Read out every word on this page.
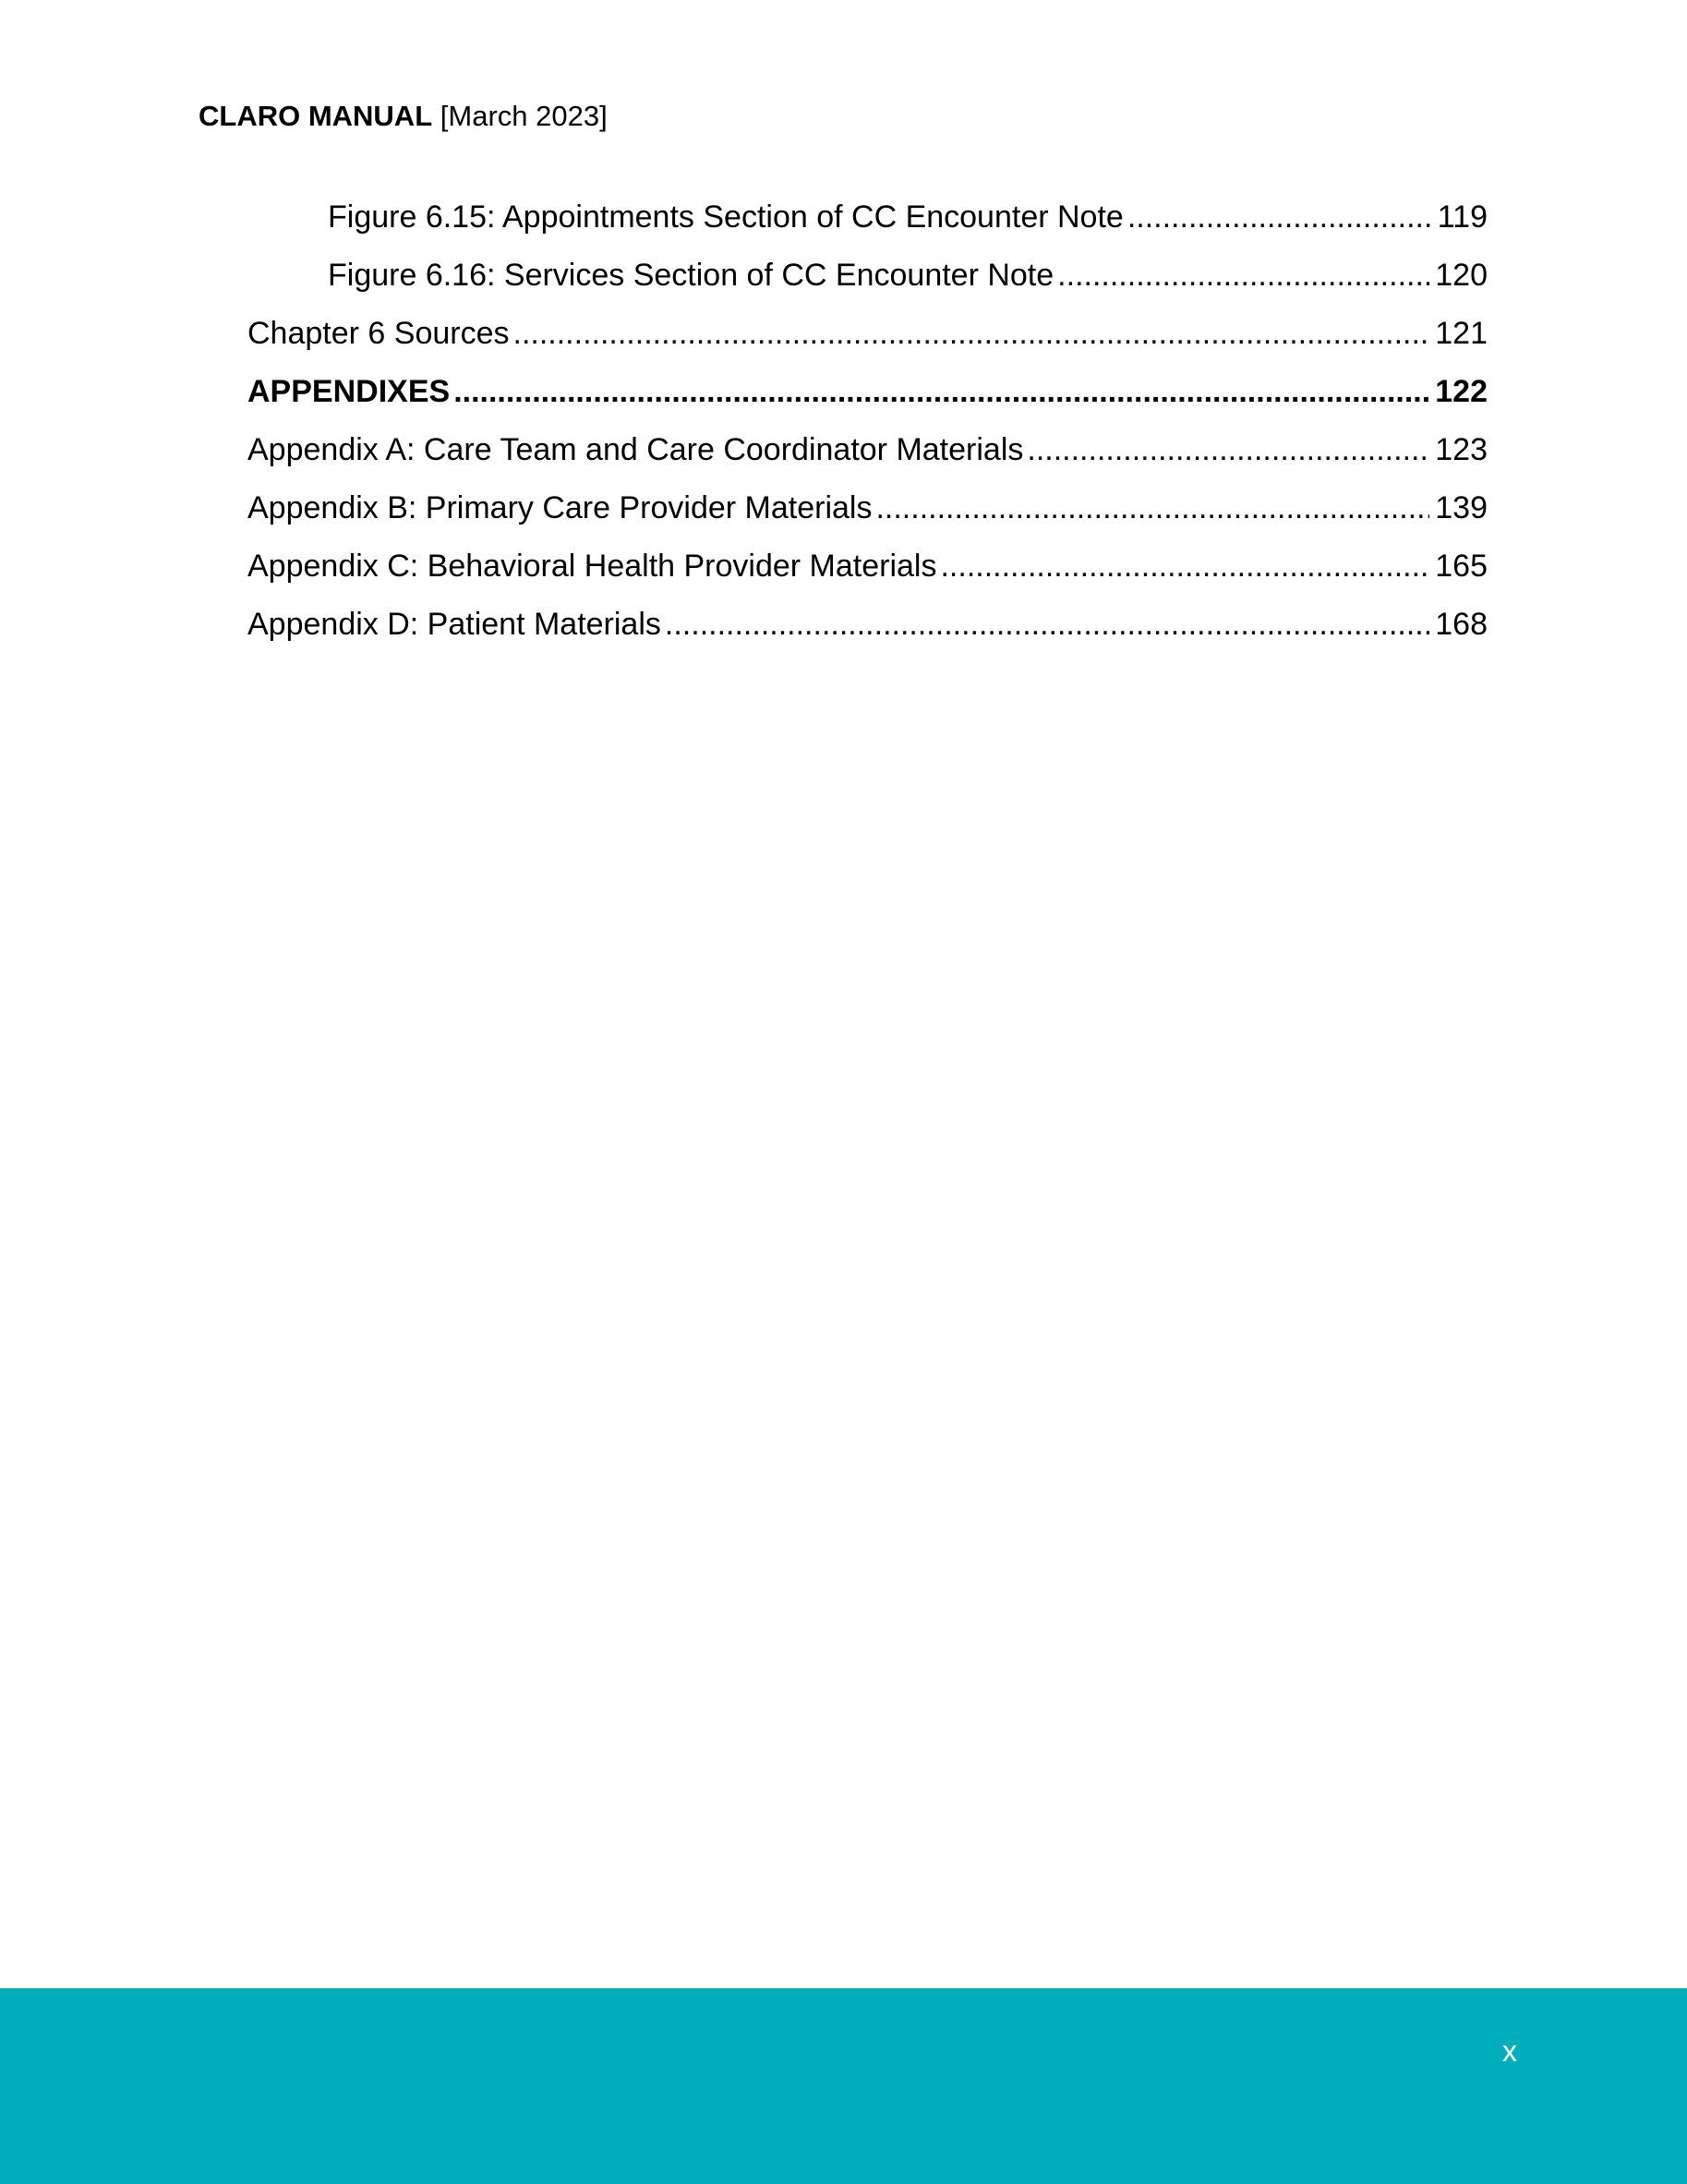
CLARO MANUAL [March 2023]
Figure 6.15: Appointments Section of CC Encounter Note .....	119
Figure 6.16: Services Section of CC Encounter Note .....	120
Chapter 6 Sources .....	121
APPENDIXES .....	122
Appendix A: Care Team and Care Coordinator Materials .....	123
Appendix B: Primary Care Provider Materials .....	139
Appendix C: Behavioral Health Provider Materials .....	165
Appendix D: Patient Materials .....	168
x
